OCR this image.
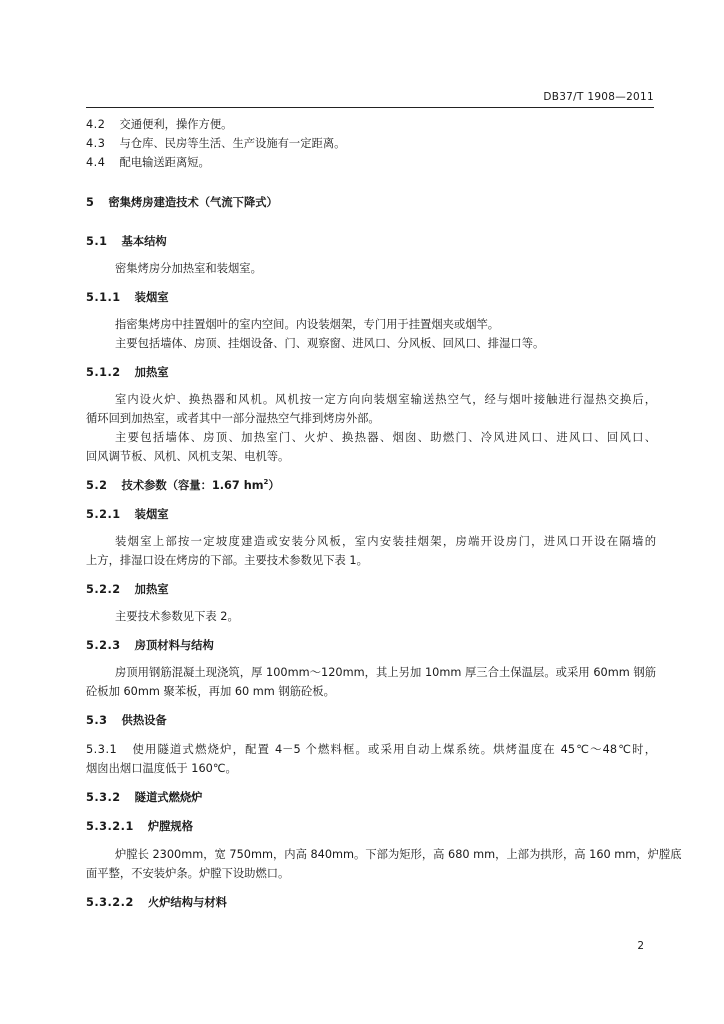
DB37/T 1908—2011
4.2 交通便利，操作方便。
4.3 与仓库、民房等生活、生产设施有一定距离。
4.4 配电输送距离短。
5 密集烤房建造技术（气流下降式）
5.1 基本结构
密集烤房分加热室和装烟室。
5.1.1 装烟室
指密集烤房中挂置烟叶的室内空间。内设装烟架，专门用于挂置烟夹或烟竿。
主要包括墙体、房顶、挂烟设备、门、观察窗、进风口、分风板、回风口、排湿口等。
5.1.2 加热室
室内设火炉、换热器和风机。风机按一定方向向装烟室输送热空气，经与烟叶接触进行湿热交换后，
循环回到加热室，或者其中一部分湿热空气排到烤房外部。
主要包括墙体、房顶、加热室门、火炉、换热器、烟囱、助燃门、冷风进风口、进风口、回风口、
回风调节板、风机、风机支架、电机等。
5.2 技术参数（容量：1.67 $hm^2$）
5.2.1 装烟室
装烟室上部按一定坡度建造或安装分风板，室内安装挂烟架，房端开设房门，进风口开设在隔墙的
上方，排湿口设在烤房的下部。主要技术参数见下表 1。
5.2.2 加热室
主要技术参数见下表 2。
5.2.3 房顶材料与结构
房顶用钢筋混凝土现浇筑，厚 100mm～120mm，其上另加 10mm 厚三合土保温层。或采用 60mm 钢筋
砼板加 60mm 聚苯板，再加 60 mm 钢筋砼板。
5.3 供热设备
5.3.1 使用隧道式燃烧炉，配置 4－5 个燃料框。或采用自动上煤系统。烘烤温度在 45℃～48℃时，
烟囱出烟口温度低于 160℃。
5.3.2 隧道式燃烧炉
5.3.2.1 炉膛规格
炉膛长 2300mm，宽 750mm，内高 840mm。下部为矩形，高 680 mm，上部为拱形，高 160 mm，炉膛底
面平整，不安装炉条。炉膛下设助燃口。
5.3.2.2 火炉结构与材料
2
